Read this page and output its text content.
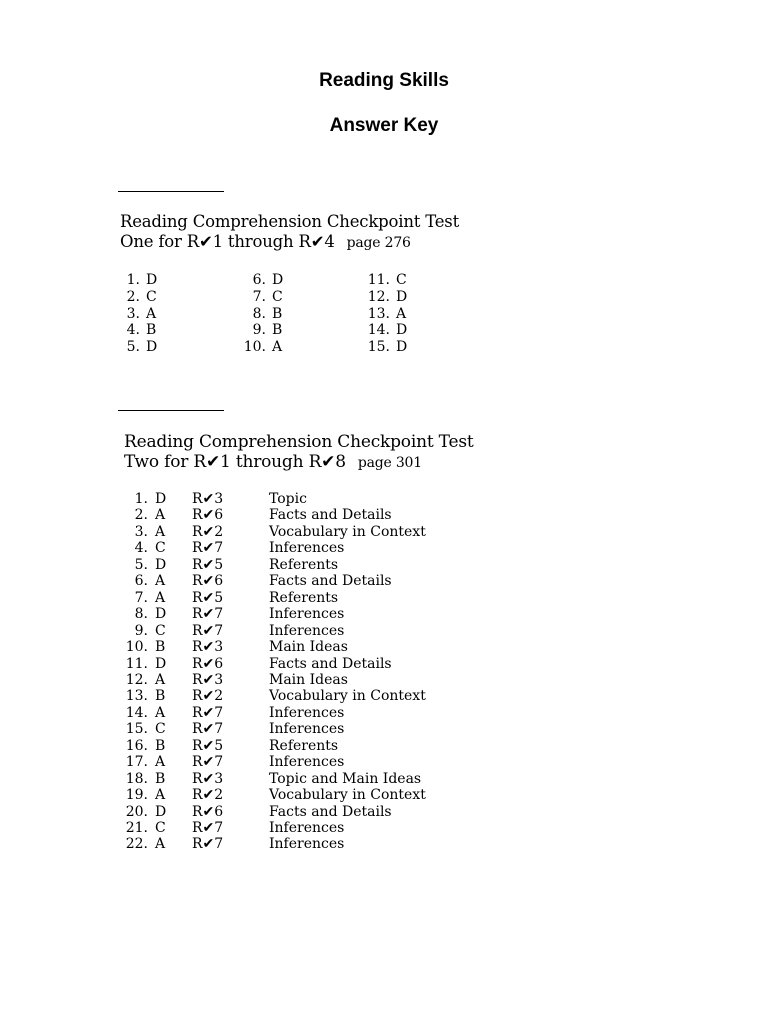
Reading Skills
Answer Key
Reading Comprehension Checkpoint Test
One for R✔1 through R✔4 page 276
1. D
2. C
3. A
4. B
5. D
6. D
7. C
8. B
9. B
10. A
11. C
12. D
13. A
14. D
15. D
Reading Comprehension Checkpoint Test
Two for R✔1 through R✔8 page 301
1. D R✔3	Topic
2. A R✔6	Facts and Details
3. A R✔2	Vocabulary in Context
4. C R✔7	Inferences
5. D R✔5	Referents
6. A R✔6	Facts and Details
7. A R✔5	Referents
8. D R✔7	Inferences
9. C R✔7	Inferences
10. B R✔3	Main Ideas
11. D R✔6	Facts and Details
12. A R✔3	Main Ideas
13. B R✔2	Vocabulary in Context
14. A R✔7	Inferences
15. C R✔7	Inferences
16. B R✔5	Referents
17. A R✔7	Inferences
18. B R✔3	Topic and Main Ideas
19. A R✔2	Vocabulary in Context
20. D R✔6	Facts and Details
21. C R✔7	Inferences
22. A R✔7	Inferences
